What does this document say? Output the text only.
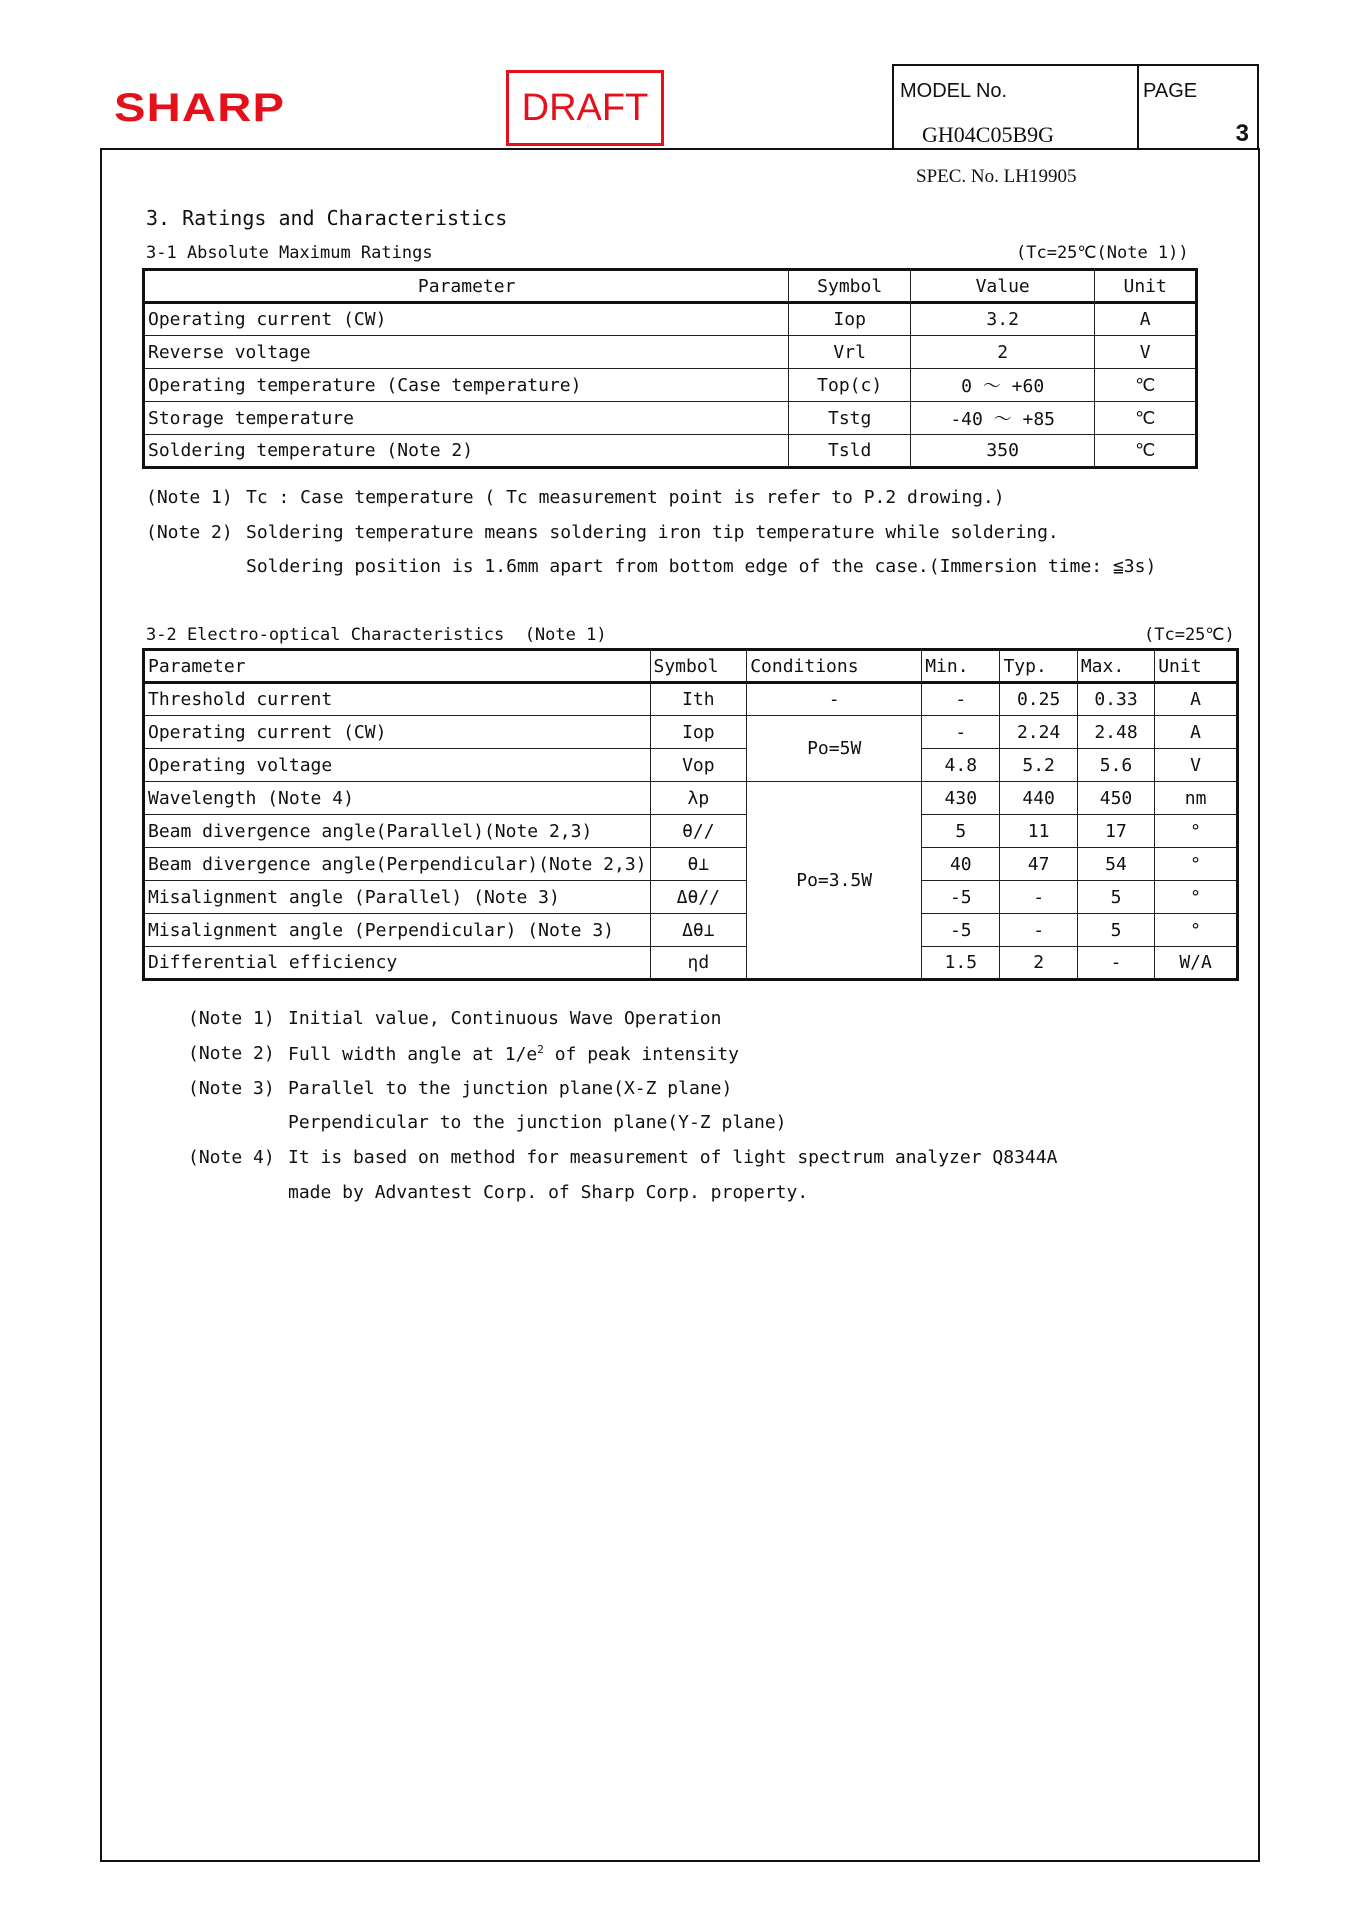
SHARP	DRAFT	MODEL No.
GH04C05B9G
PAGE
3
SPEC. No. LH19905
3. Ratings and Characteristics
3-1 Absolute Maximum Ratings	(Tc=25℃(Note 1))
Parameter	Symbol	Value	Unit
Operating current (CW)	Iop	3.2	A
Reverse voltage	Vrl	2	V
Operating temperature (Case temperature)	Top(c)	0 ～ +60	℃
Storage temperature	Tstg	-40 ～ +85	℃
Soldering temperature (Note 2)	Tsld	350	℃
(Note 1) Tc : Case temperature ( Tc measurement point is refer to P.2 drowing.)
(Note 2) Soldering temperature means soldering iron tip temperature while soldering.
Soldering position is 1.6mm apart from bottom edge of the case.(Immersion time: ≦3s)
3-2 Electro-optical Characteristics  (Note 1)	(Tc=25℃)
Parameter	Symbol	Conditions	Min.	Typ.	Max.	Unit
Threshold current	Ith	-	-	0.25	0.33	A
Operating current (CW)	Iop	Po=5W	-	2.24	2.48	A
Operating voltage	Vop		4.8	5.2	5.6	V
Wavelength (Note 4)	λp	Po=3.5W	430	440	450	nm
Beam divergence angle(Parallel)(Note 2,3)	θ//		5	11	17	°
Beam divergence angle(Perpendicular)(Note 2,3)	θ⊥		40	47	54	°
Misalignment angle (Parallel) (Note 3)	Δθ//		-5	-	5	°
Misalignment angle (Perpendicular) (Note 3)	Δθ⊥		-5	-	5	°
Differential efficiency	ηd		1.5	2	-	W/A
(Note 1) Initial value, Continuous Wave Operation
(Note 2) Full width angle at $1/e^2$ of peak intensity
(Note 3) Parallel to the junction plane(X-Z plane)
Perpendicular to the junction plane(Y-Z plane)
(Note 4) It is based on method for measurement of light spectrum analyzer Q8344A
made by Advantest Corp. of Sharp Corp. property.
